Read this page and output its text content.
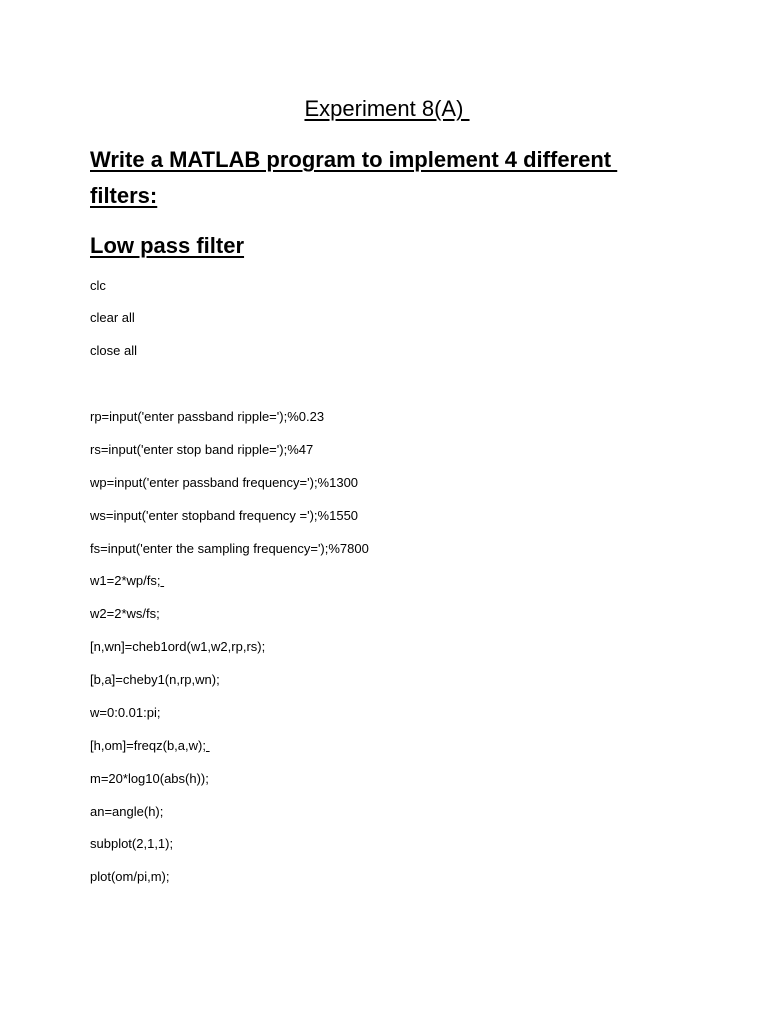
Experiment 8(A)
Write a MATLAB program to implement 4 different
filters:
Low pass filter
clc
clear all
close all
rp=input('enter passband ripple=');%0.23
rs=input('enter stop band ripple=');%47
wp=input('enter passband frequency=');%1300
ws=input('enter stopband frequency =');%1550
fs=input('enter the sampling frequency=');%7800
w1=2*wp/fs;
w2=2*ws/fs;
[n,wn]=cheb1ord(w1,w2,rp,rs);
[b,a]=cheby1(n,rp,wn);
w=0:0.01:pi;
[h,om]=freqz(b,a,w);
m=20*log10(abs(h));
an=angle(h);
subplot(2,1,1);
plot(om/pi,m);
